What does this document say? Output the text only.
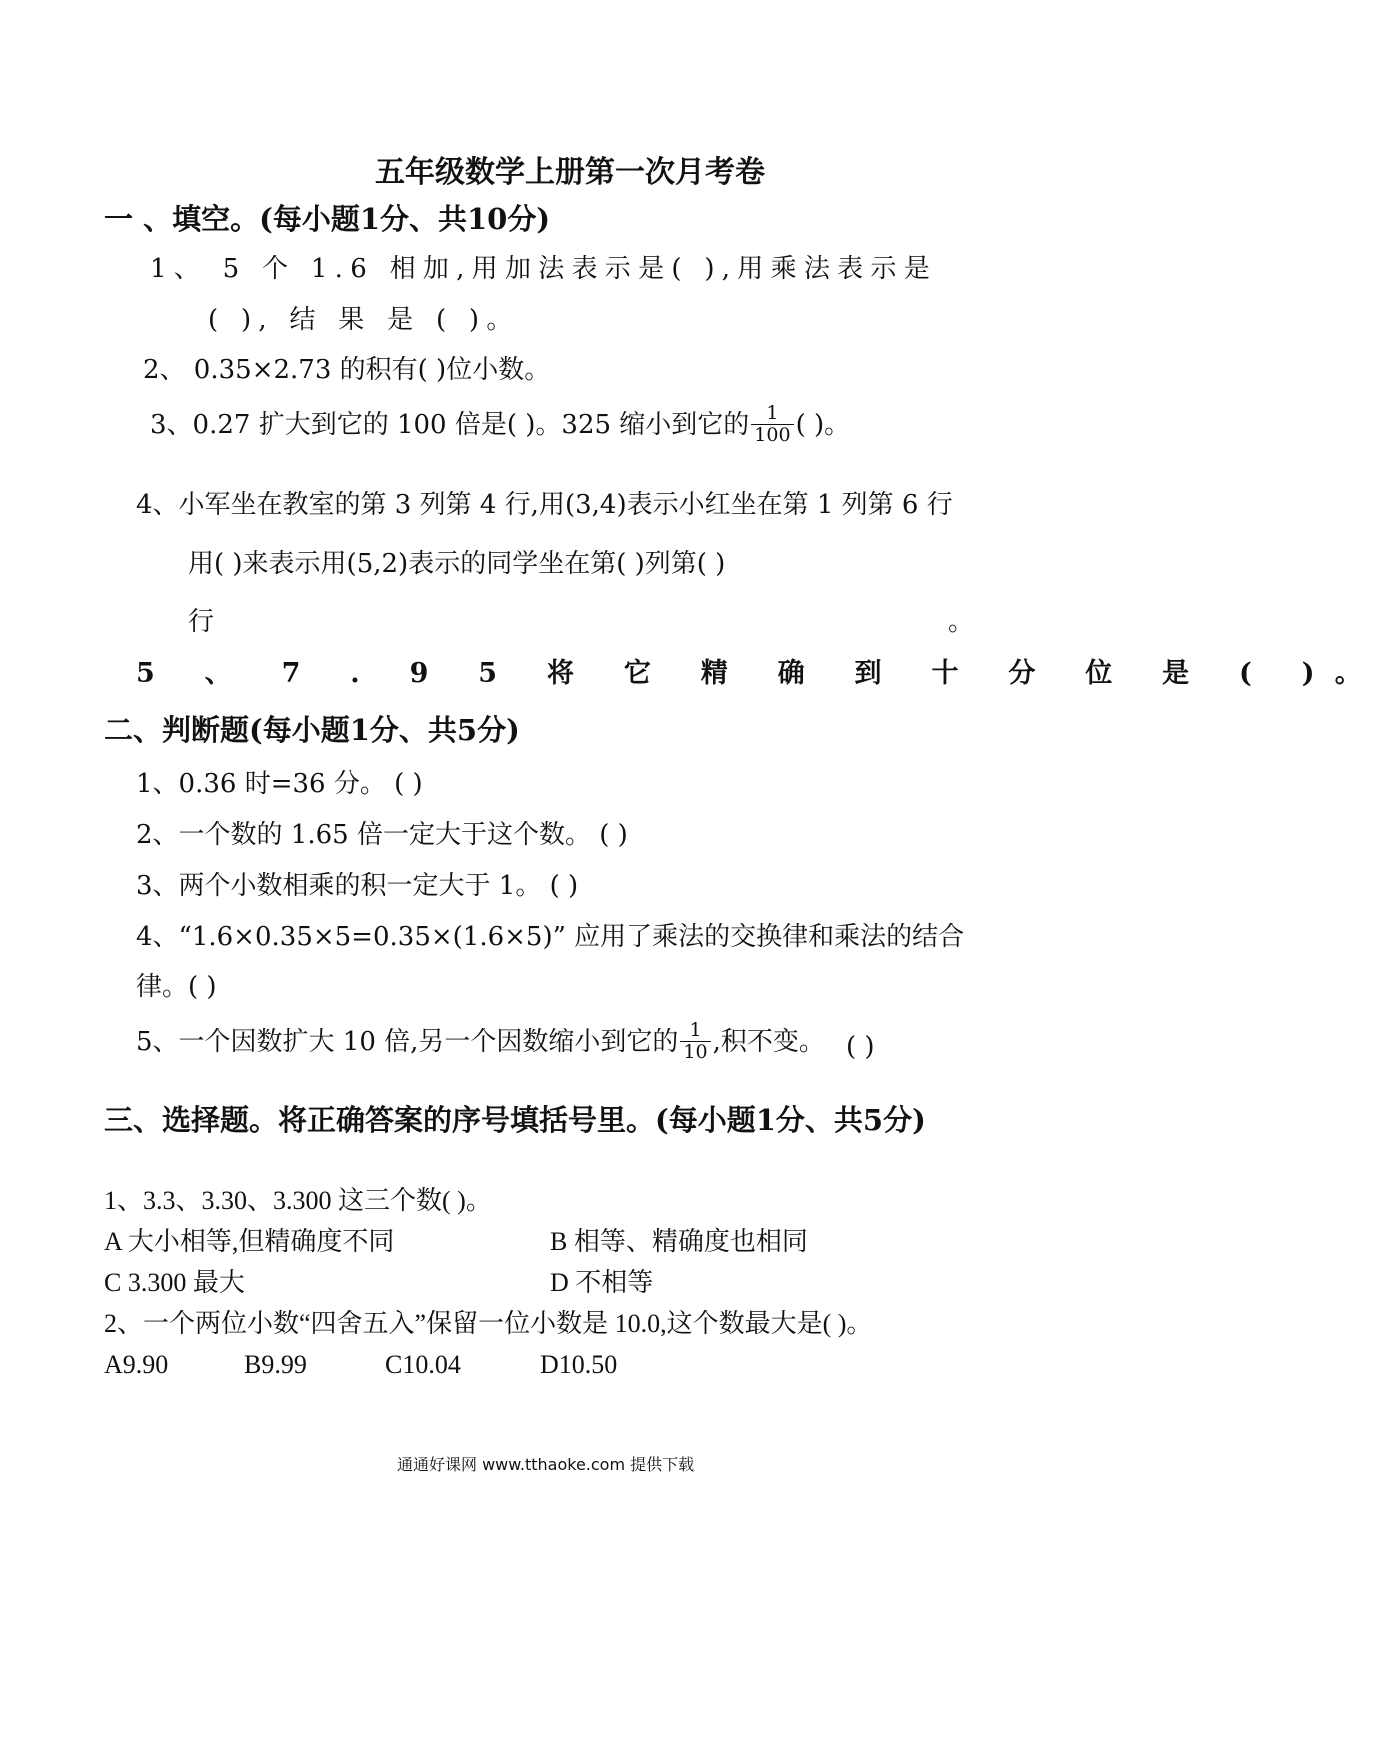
五年级数学上册第一次月考卷
一 、填空。(每小题1分、共10分)
1、 5 个 1.6 相加,用加法表示是( ),用乘法表示是
( ), 结 果 是 ( )。
2、 0.35×2.73 的积有( )位小数。
3、0.27 扩大到它的 100 倍是( )。325 缩小到它的 $\frac{1}{100}$ ( )。
4、小军坐在教室的第 3 列第 4 行,用(3,4)表示小红坐在第 1 列第 6 行
用( )来表示用(5,2)表示的同学坐在第( )列第( )
行	。
5 、 7 . 9 5 将 它 精 确 到 十 分 位 是 ( )。
二、判断题(每小题1分、共5分)
1、0.36 时=36 分。 ( )
2、一个数的 1.65 倍一定大于这个数。 ( )
3、两个小数相乘的积一定大于 1。 ( )
4、“1.6×0.35×5=0.35×(1.6×5)” 应用了乘法的交换律和乘法的结合
律。( )
5、一个因数扩大 10 倍,另一个因数缩小到它的 $\frac{1}{10}$ ,积不变。 ( )
三、选择题。将正确答案的序号填括号里。(每小题1分、共5分)
1、3.3、3.30、3.300 这三个数( )。
A 大小相等,但精确度不同	B 相等、精确度也相同
C 3.300 最大	D 不相等
2、一个两位小数“四舍五入”保留一位小数是 10.0,这个数最大是( )。
A9.90	B9.99	C10.04	D10.50
通通好课网 www.tthaoke.com 提供下载
